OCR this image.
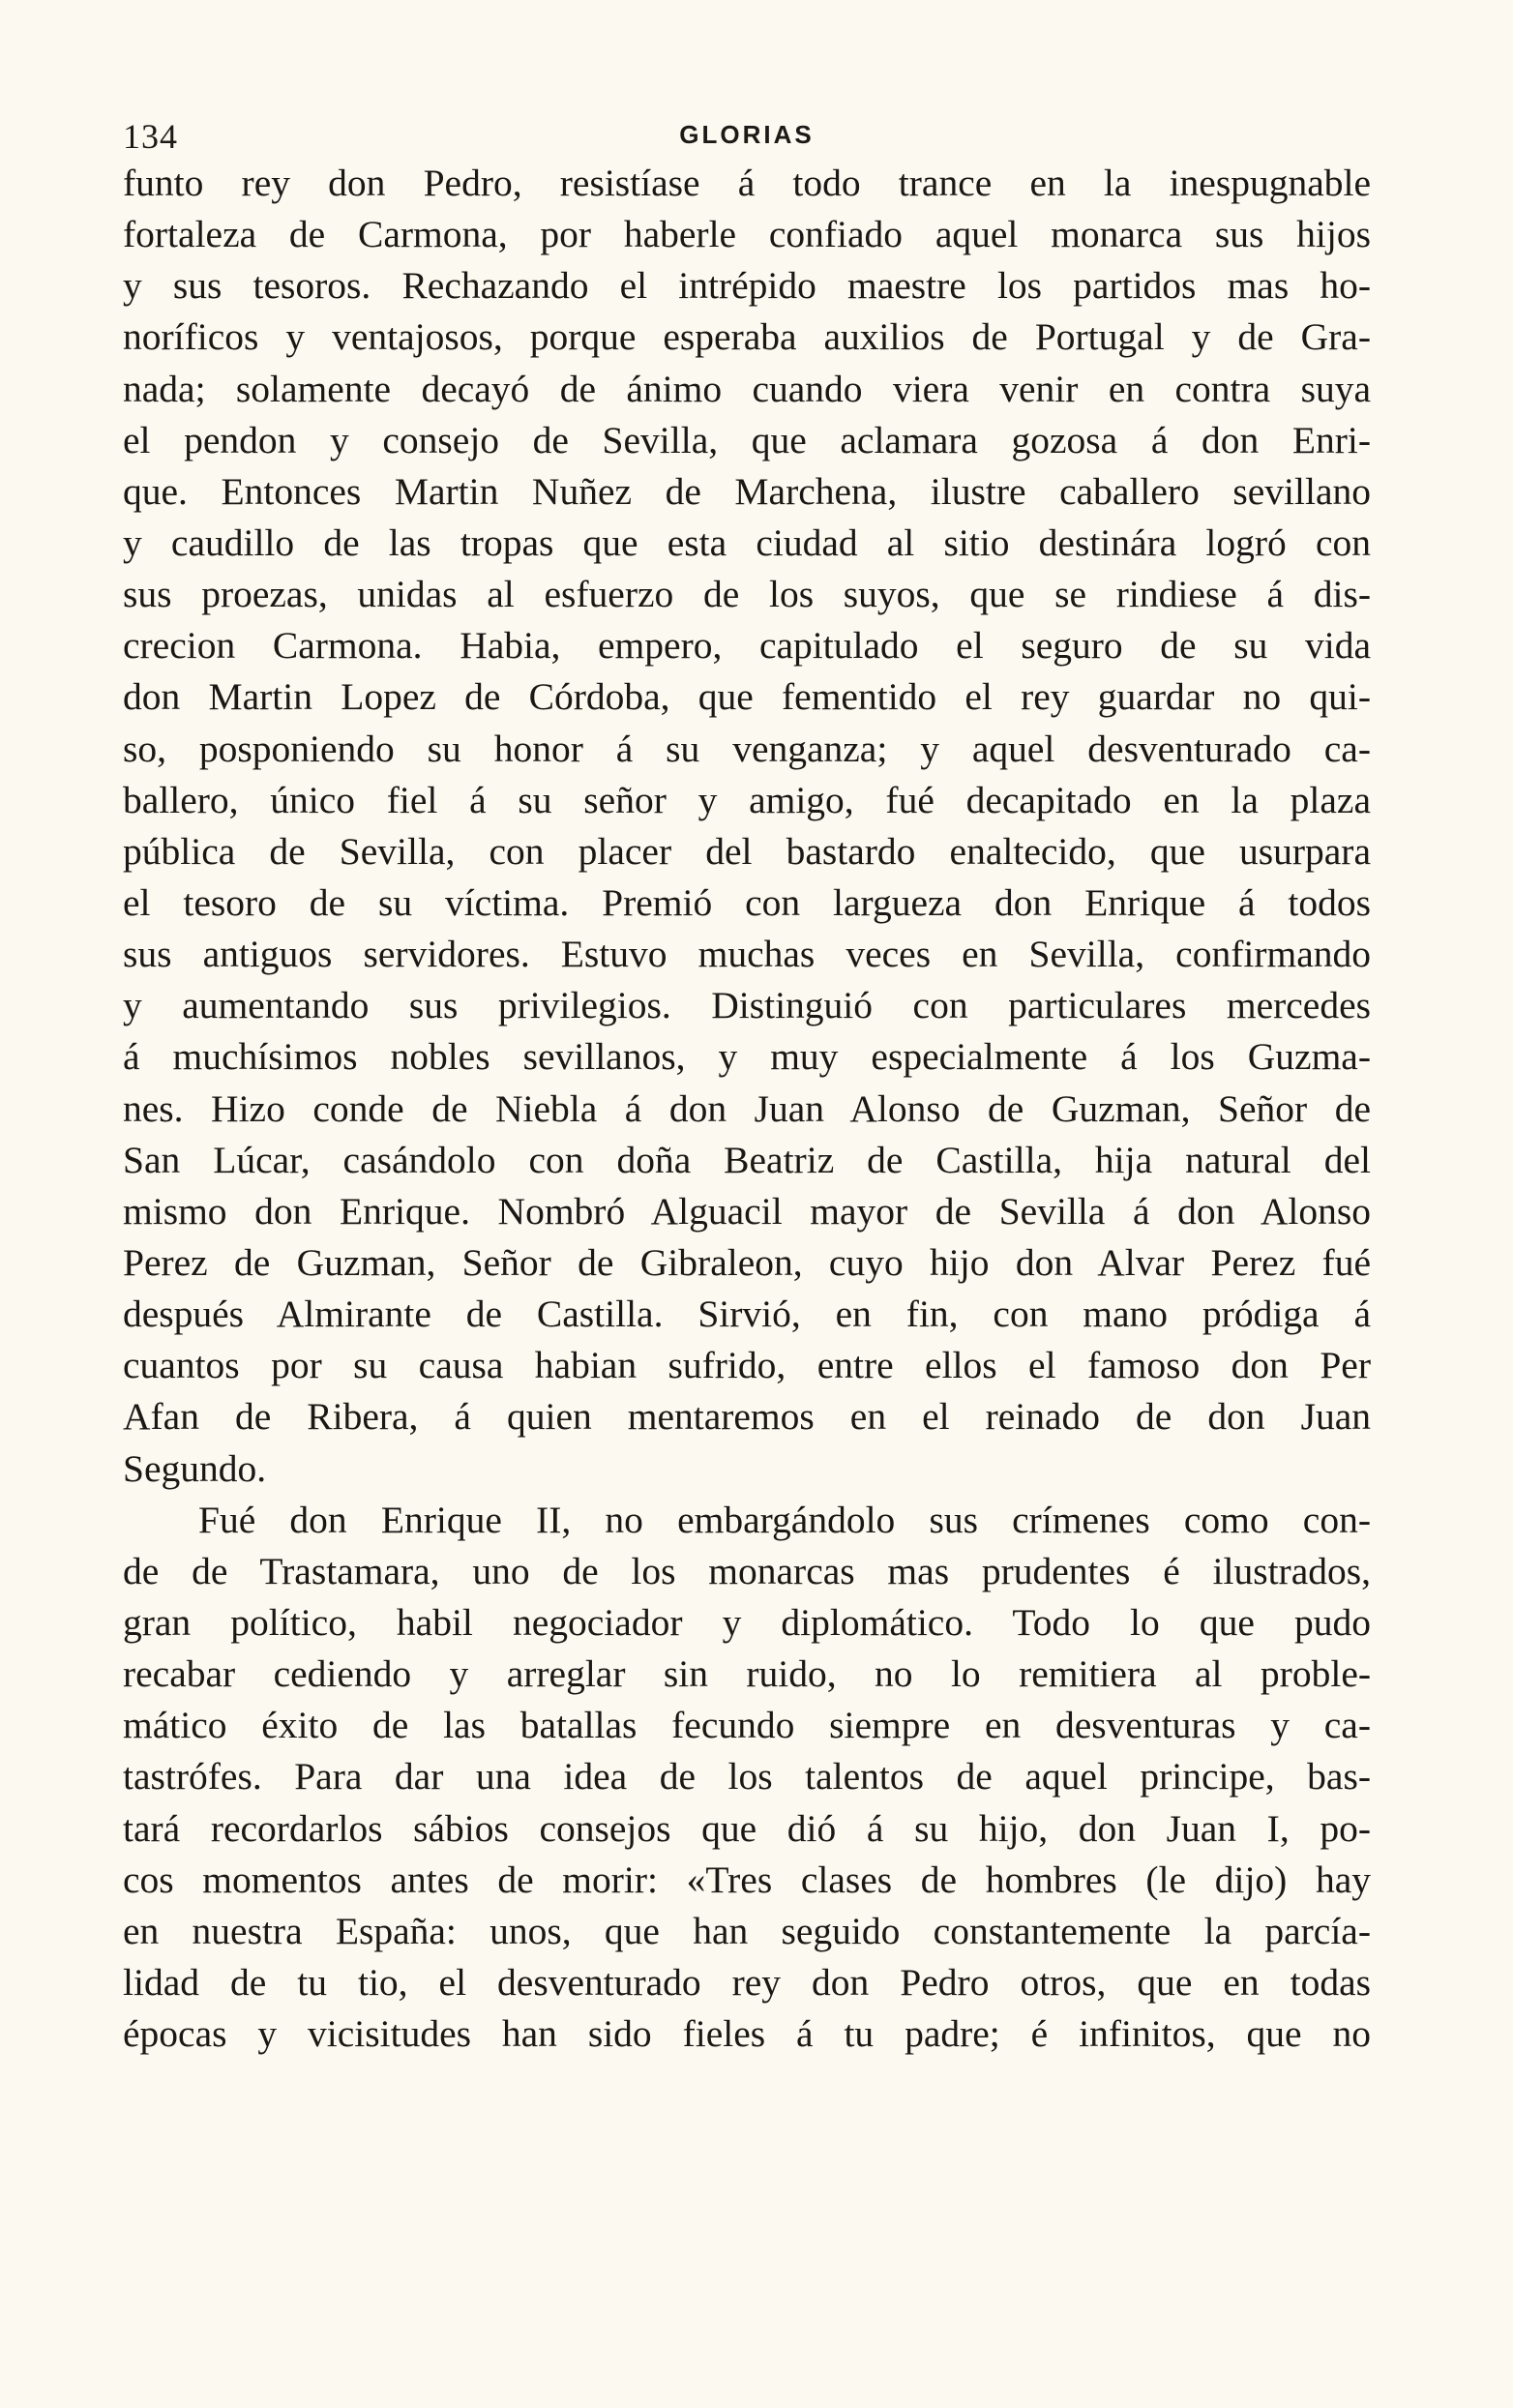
134	GLORIAS
funto rey don Pedro, resistíase á todo trance en la inespugnable
fortaleza de Carmona, por haberle confiado aquel monarca sus hijos
y sus tesoros. Rechazando el intrépido maestre los partidos mas ho-
noríficos y ventajosos, porque esperaba auxilios de Portugal y de Gra-
nada; solamente decayó de ánimo cuando viera venir en contra suya
el pendon y consejo de Sevilla, que aclamara gozosa á don Enri-
que. Entonces Martin Nuñez de Marchena, ilustre caballero sevillano
y caudillo de las tropas que esta ciudad al sitio destinára logró con
sus proezas, unidas al esfuerzo de los suyos, que se rindiese á dis-
crecion Carmona. Habia, empero, capitulado el seguro de su vida
don Martin Lopez de Córdoba, que fementido el rey guardar no qui-
so, posponiendo su honor á su venganza; y aquel desventurado ca-
ballero, único fiel á su señor y amigo, fué decapitado en la plaza
pública de Sevilla, con placer del bastardo enaltecido, que usurpara
el tesoro de su víctima. Premió con largueza don Enrique á todos
sus antiguos servidores. Estuvo muchas veces en Sevilla, confirmando
y aumentando sus privilegios. Distinguió con particulares mercedes
á muchísimos nobles sevillanos, y muy especialmente á los Guzma-
nes. Hizo conde de Niebla á don Juan Alonso de Guzman, Señor de
San Lúcar, casándolo con doña Beatriz de Castilla, hija natural del
mismo don Enrique. Nombró Alguacil mayor de Sevilla á don Alonso
Perez de Guzman, Señor de Gibraleon, cuyo hijo don Alvar Perez fué
después Almirante de Castilla. Sirvió, en fin, con mano pródiga á
cuantos por su causa habian sufrido, entre ellos el famoso don Per
Afan de Ribera, á quien mentaremos en el reinado de don Juan
Segundo.
Fué don Enrique II, no embargándolo sus crímenes como con-
de de Trastamara, uno de los monarcas mas prudentes é ilustrados,
gran político, habil negociador y diplomático. Todo lo que pudo
recabar cediendo y arreglar sin ruido, no lo remitiera al proble-
mático éxito de las batallas fecundo siempre en desventuras y ca-
tastrófes. Para dar una idea de los talentos de aquel principe, bas-
tará recordarlos sábios consejos que dió á su hijo, don Juan I, po-
cos momentos antes de morir: «Tres clases de hombres (le dijo) hay
en nuestra España: unos, que han seguido constantemente la parcía-
lidad de tu tio, el desventurado rey don Pedro otros, que en todas
épocas y vicisitudes han sido fieles á tu padre; é infinitos, que no
